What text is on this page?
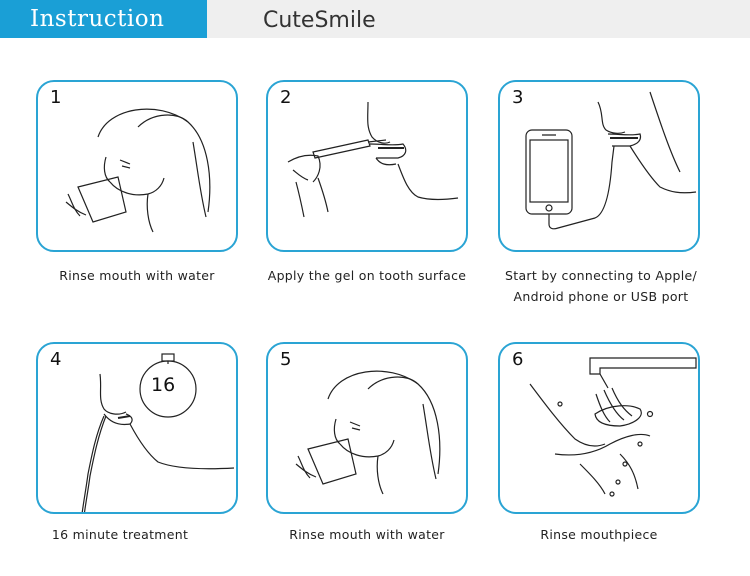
Instruction	CuteSmile
1
Rinse mouth with water
2
Apply the gel on tooth surface
3
Start by connecting to Apple/
Android phone or USB port
4
16
16 minute treatment
5
Rinse mouth with water
6
Rinse mouthpiece
